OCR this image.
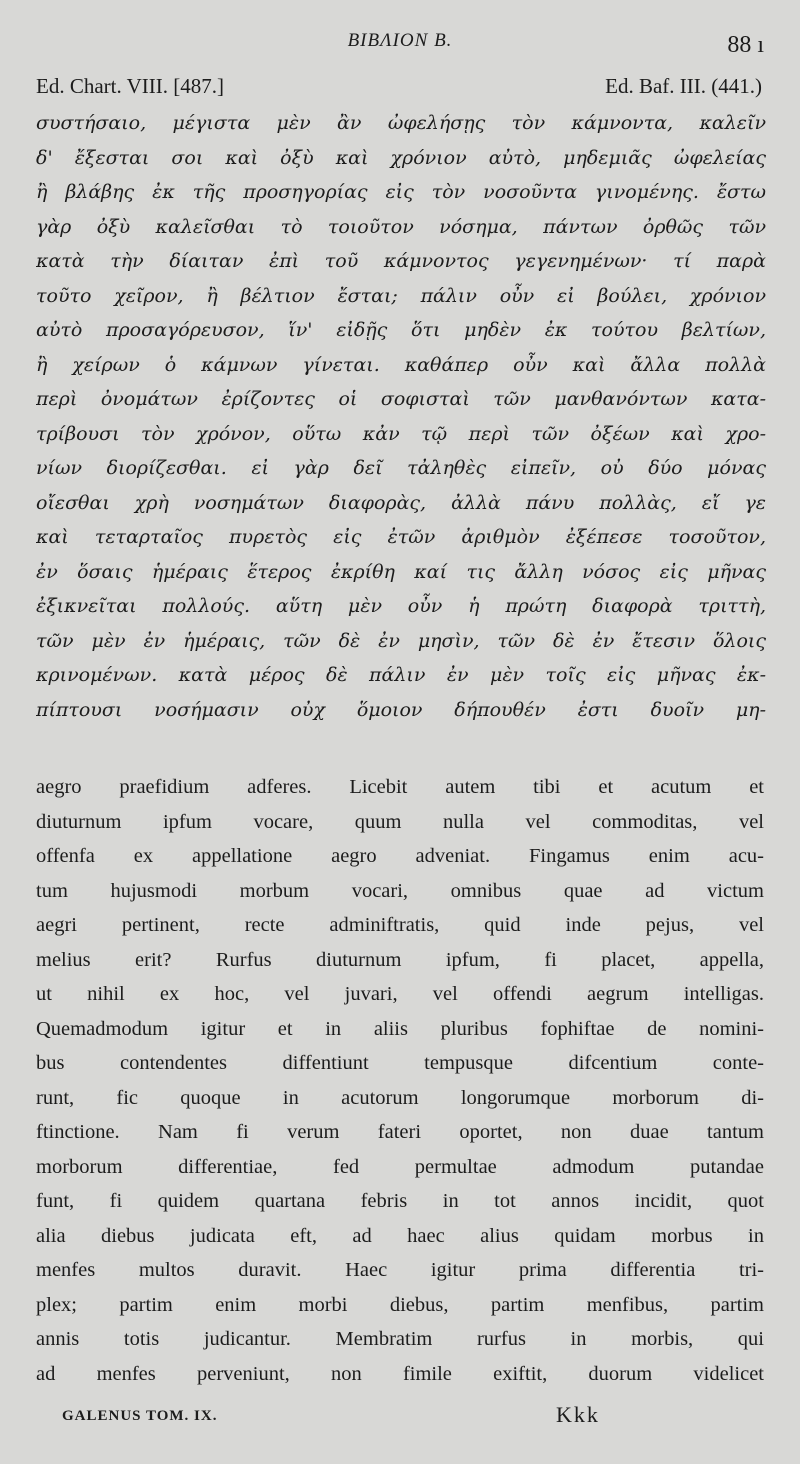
ΒΙΒΛΙΟΝ Β.	88 ı
Ed. Chart. VIII. [487.]	Ed. Baf. III. (441.)
συστήσαιο, μέγιστα μὲν ἂν ὠφελήσῃς τὸν κάμνοντα, καλεῖν
δ' ἔξεσται σοι καὶ ὀξὺ καὶ χρόνιον αὐτὸ, μηδεμιᾶς ὠφελείας
ἢ βλάβης ἐκ τῆς προσηγορίας εἰς τὸν νοσοῦντα γινομένης. ἔστω
γὰρ ὀξὺ καλεῖσθαι τὸ τοιοῦτον νόσημα, πάντων ὀρθῶς τῶν
κατὰ τὴν δίαιταν ἐπὶ τοῦ κάμνοντος γεγενημένων· τί παρὰ
τοῦτο χεῖρον, ἢ βέλτιον ἔσται; πάλιν οὖν εἰ βούλει, χρόνιον
αὐτὸ προσαγόρευσον, ἵν' εἰδῇς ὅτι μηδὲν ἐκ τούτου βελτίων,
ἢ χείρων ὁ κάμνων γίνεται. καθάπερ οὖν καὶ ἄλλα πολλὰ
περὶ ὀνομάτων ἐρίζοντες οἱ σοφισταὶ τῶν μανθανόντων κατα-
τρίβουσι τὸν χρόνον, οὕτω κἀν τῷ περὶ τῶν ὀξέων καὶ χρο-
νίων διορίζεσθαι. εἰ γὰρ δεῖ τἀληθὲς εἰπεῖν, οὐ δύο μόνας
οἴεσθαι χρὴ νοσημάτων διαφορὰς, ἀλλὰ πάνυ πολλὰς, εἴ γε
καὶ τεταρταῖος πυρετὸς εἰς ἐτῶν ἀριθμὸν ἐξέπεσε τοσοῦτον,
ἐν ὅσαις ἡμέραις ἕτερος ἐκρίθη καί τις ἄλλη νόσος εἰς μῆνας
ἐξικνεῖται πολλούς. αὕτη μὲν οὖν ἡ πρώτη διαφορὰ τριττὴ,
τῶν μὲν ἐν ἡμέραις, τῶν δὲ ἐν μησὶν, τῶν δὲ ἐν ἔτεσιν ὅλοις
κρινομένων. κατὰ μέρος δὲ πάλιν ἐν μὲν τοῖς εἰς μῆνας ἐκ-
πίπτουσι νοσήμασιν οὐχ ὅμοιον δήπουθέν ἐστι δυοῖν μη-
aegro praefidium adferes. Licebit autem tibi et acutum et
diuturnum ipfum vocare, quum nulla vel commoditas, vel
offenfa ex appellatione aegro adveniat. Fingamus enim acu-
tum hujusmodi morbum vocari, omnibus quae ad victum
aegri pertinent, recte adminiftratis, quid inde pejus, vel
melius erit? Rurfus diuturnum ipfum, fi placet, appella,
ut nihil ex hoc, vel juvari, vel offendi aegrum intelligas.
Quemadmodum igitur et in aliis pluribus fophiftae de nomini-
bus contendentes diffentiunt tempusque difcentium conte-
runt, fic quoque in acutorum longorumque morborum di-
ftinctione. Nam fi verum fateri oportet, non duae tantum
morborum differentiae, fed permultae admodum putandae
funt, fi quidem quartana febris in tot annos incidit, quot
alia diebus judicata eft, ad haec alius quidam morbus in
menfes multos duravit. Haec igitur prima differentia tri-
plex; partim enim morbi diebus, partim menfibus, partim
annis totis judicantur. Membratim rurfus in morbis, qui
ad menfes perveniunt, non fimile exiftit, duorum videlicet
GALENUS TOM. IX.	Kkk
